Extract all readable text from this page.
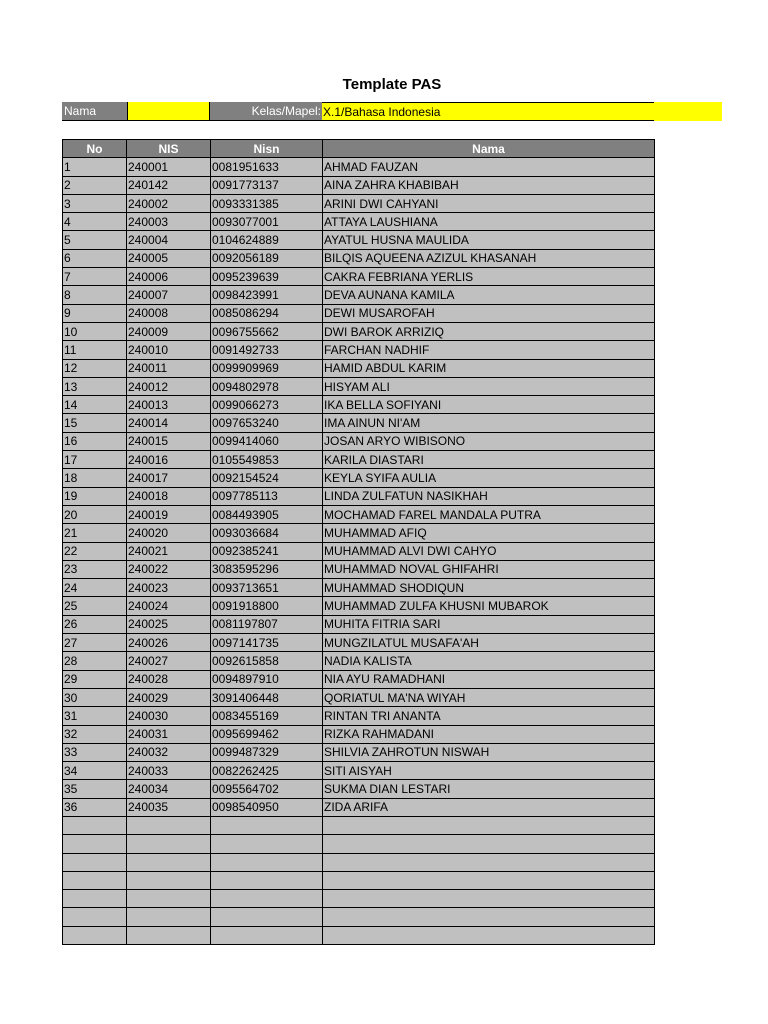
Template PAS
Nama	Kelas/Mapel: X.1/Bahasa Indonesia
No	NIS	Nisn	Nama
1	240001	0081951633	AHMAD FAUZAN
2	240142	0091773137	AINA ZAHRA KHABIBAH
3	240002	0093331385	ARINI DWI CAHYANI
4	240003	0093077001	ATTAYA LAUSHIANA
5	240004	0104624889	AYATUL HUSNA MAULIDA
6	240005	0092056189	BILQIS AQUEENA AZIZUL KHASANAH
7	240006	0095239639	CAKRA FEBRIANA YERLIS
8	240007	0098423991	DEVA AUNANA KAMILA
9	240008	0085086294	DEWI MUSAROFAH
10	240009	0096755662	DWI BAROK ARRIZIQ
11	240010	0091492733	FARCHAN NADHIF
12	240011	0099909969	HAMID ABDUL KARIM
13	240012	0094802978	HISYAM ALI
14	240013	0099066273	IKA BELLA SOFIYANI
15	240014	0097653240	IMA AINUN NI'AM
16	240015	0099414060	JOSAN ARYO WIBISONO
17	240016	0105549853	KARILA DIASTARI
18	240017	0092154524	KEYLA SYIFA AULIA
19	240018	0097785113	LINDA ZULFATUN NASIKHAH
20	240019	0084493905	MOCHAMAD FAREL MANDALA PUTRA
21	240020	0093036684	MUHAMMAD AFIQ
22	240021	0092385241	MUHAMMAD ALVI DWI CAHYO
23	240022	3083595296	MUHAMMAD NOVAL GHIFAHRI
24	240023	0093713651	MUHAMMAD SHODIQUN
25	240024	0091918800	MUHAMMAD ZULFA KHUSNI MUBAROK
26	240025	0081197807	MUHITA FITRIA SARI
27	240026	0097141735	MUNGZILATUL MUSAFA'AH
28	240027	0092615858	NADIA KALISTA
29	240028	0094897910	NIA AYU RAMADHANI
30	240029	3091406448	QORIATUL MA'NA WIYAH
31	240030	0083455169	RINTAN TRI ANANTA
32	240031	0095699462	RIZKA RAHMADANI
33	240032	0099487329	SHILVIA ZAHROTUN NISWAH
34	240033	0082262425	SITI AISYAH
35	240034	0095564702	SUKMA DIAN LESTARI
36	240035	0098540950	ZIDA ARIFA
